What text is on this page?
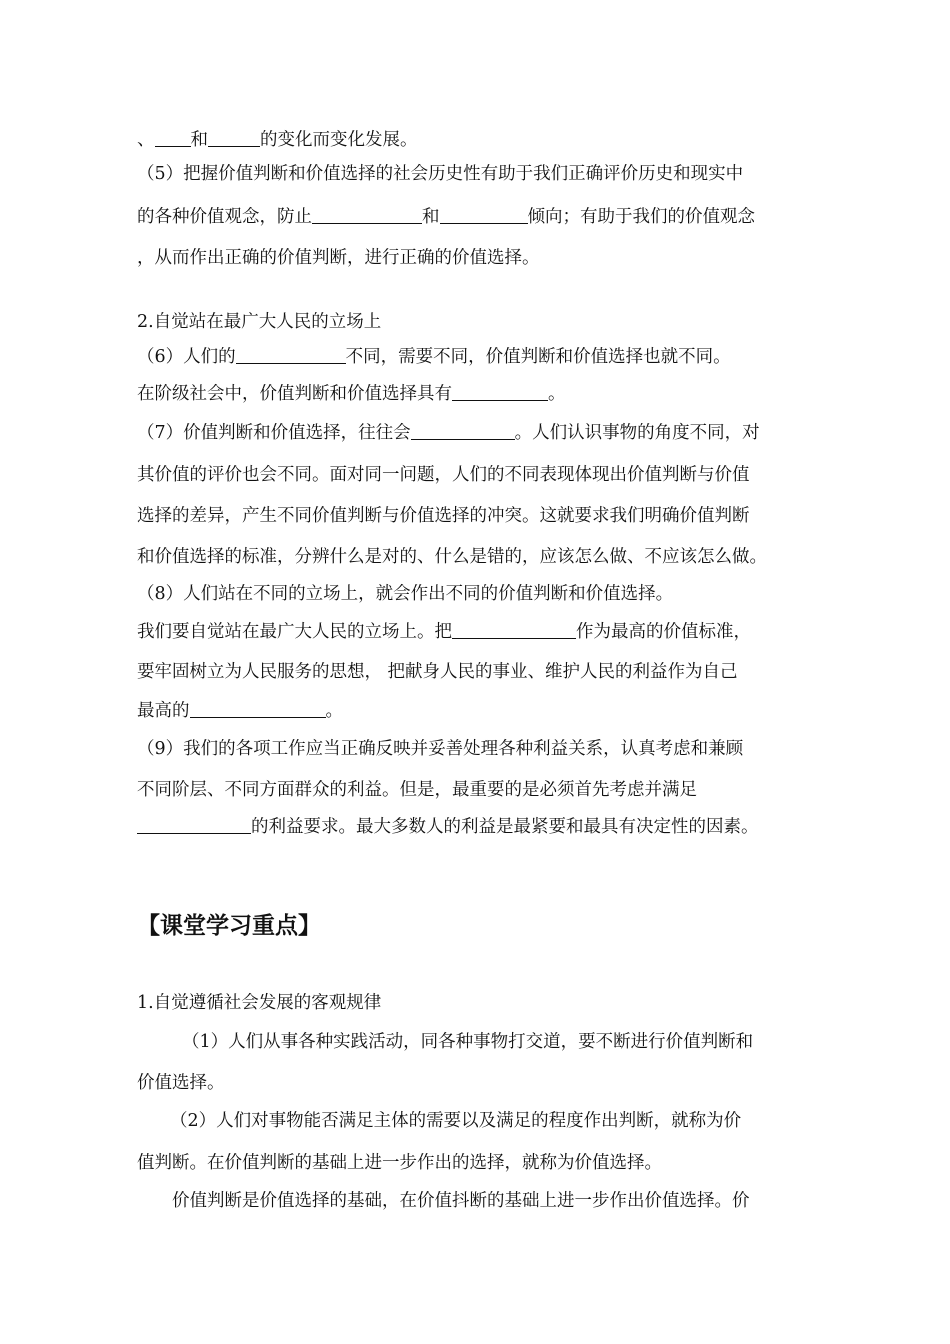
、 和	的变化而变化发展。

（5）把握价值判断和价值选择的社会历史性有助于我们正确评价历史和现实中

的各种价值观念，防止	和	倾向；有助于我们的价值观念

，从而作出正确的价值判断，进行正确的价值选择。

2.自觉站在最广大人民的立场上

（6）人们的	不同，需要不同，价值判断和价值选择也就不同。

在阶级社会中，价值判断和价值选择具有	。

（7）价值判断和价值选择，往往会	。人们认识事物的角度不同，对

其价值的评价也会不同。面对同一问题，人们的不同表现体现出价值判断与价值

选择的差异，产生不同价值判断与价值选择的冲突。这就要求我们明确价值判断

和价值选择的标准，分辨什么是对的、什么是错的，应该怎么做、不应该怎么做。

（8）人们站在不同的立场上，就会作出不同的价值判断和价值选择。

我们要自觉站在最广大人民的立场上。把	作为最高的价值标准，

要牢固树立为人民服务的思想， 把献身人民的事业、维护人民的利益作为自己

最高的	。

（9）我们的各项工作应当正确反映并妥善处理各种利益关系，认真考虑和兼顾

不同阶层、不同方面群众的利益。但是，最重要的是必须首先考虑并满足

的利益要求。最大多数人的利益是最紧要和最具有决定性的因素。

【课堂学习重点】

1.自觉遵循社会发展的客观规律

（1）人们从事各种实践活动，同各种事物打交道，要不断进行价值判断和

价值选择。

（2）人们对事物能否满足主体的需要以及满足的程度作出判断，就称为价

值判断。在价值判断的基础上进一步作出的选择，就称为价值选择。

价值判断是价值选择的基础，在价值抖断的基础上进一步作出价值选择。价
